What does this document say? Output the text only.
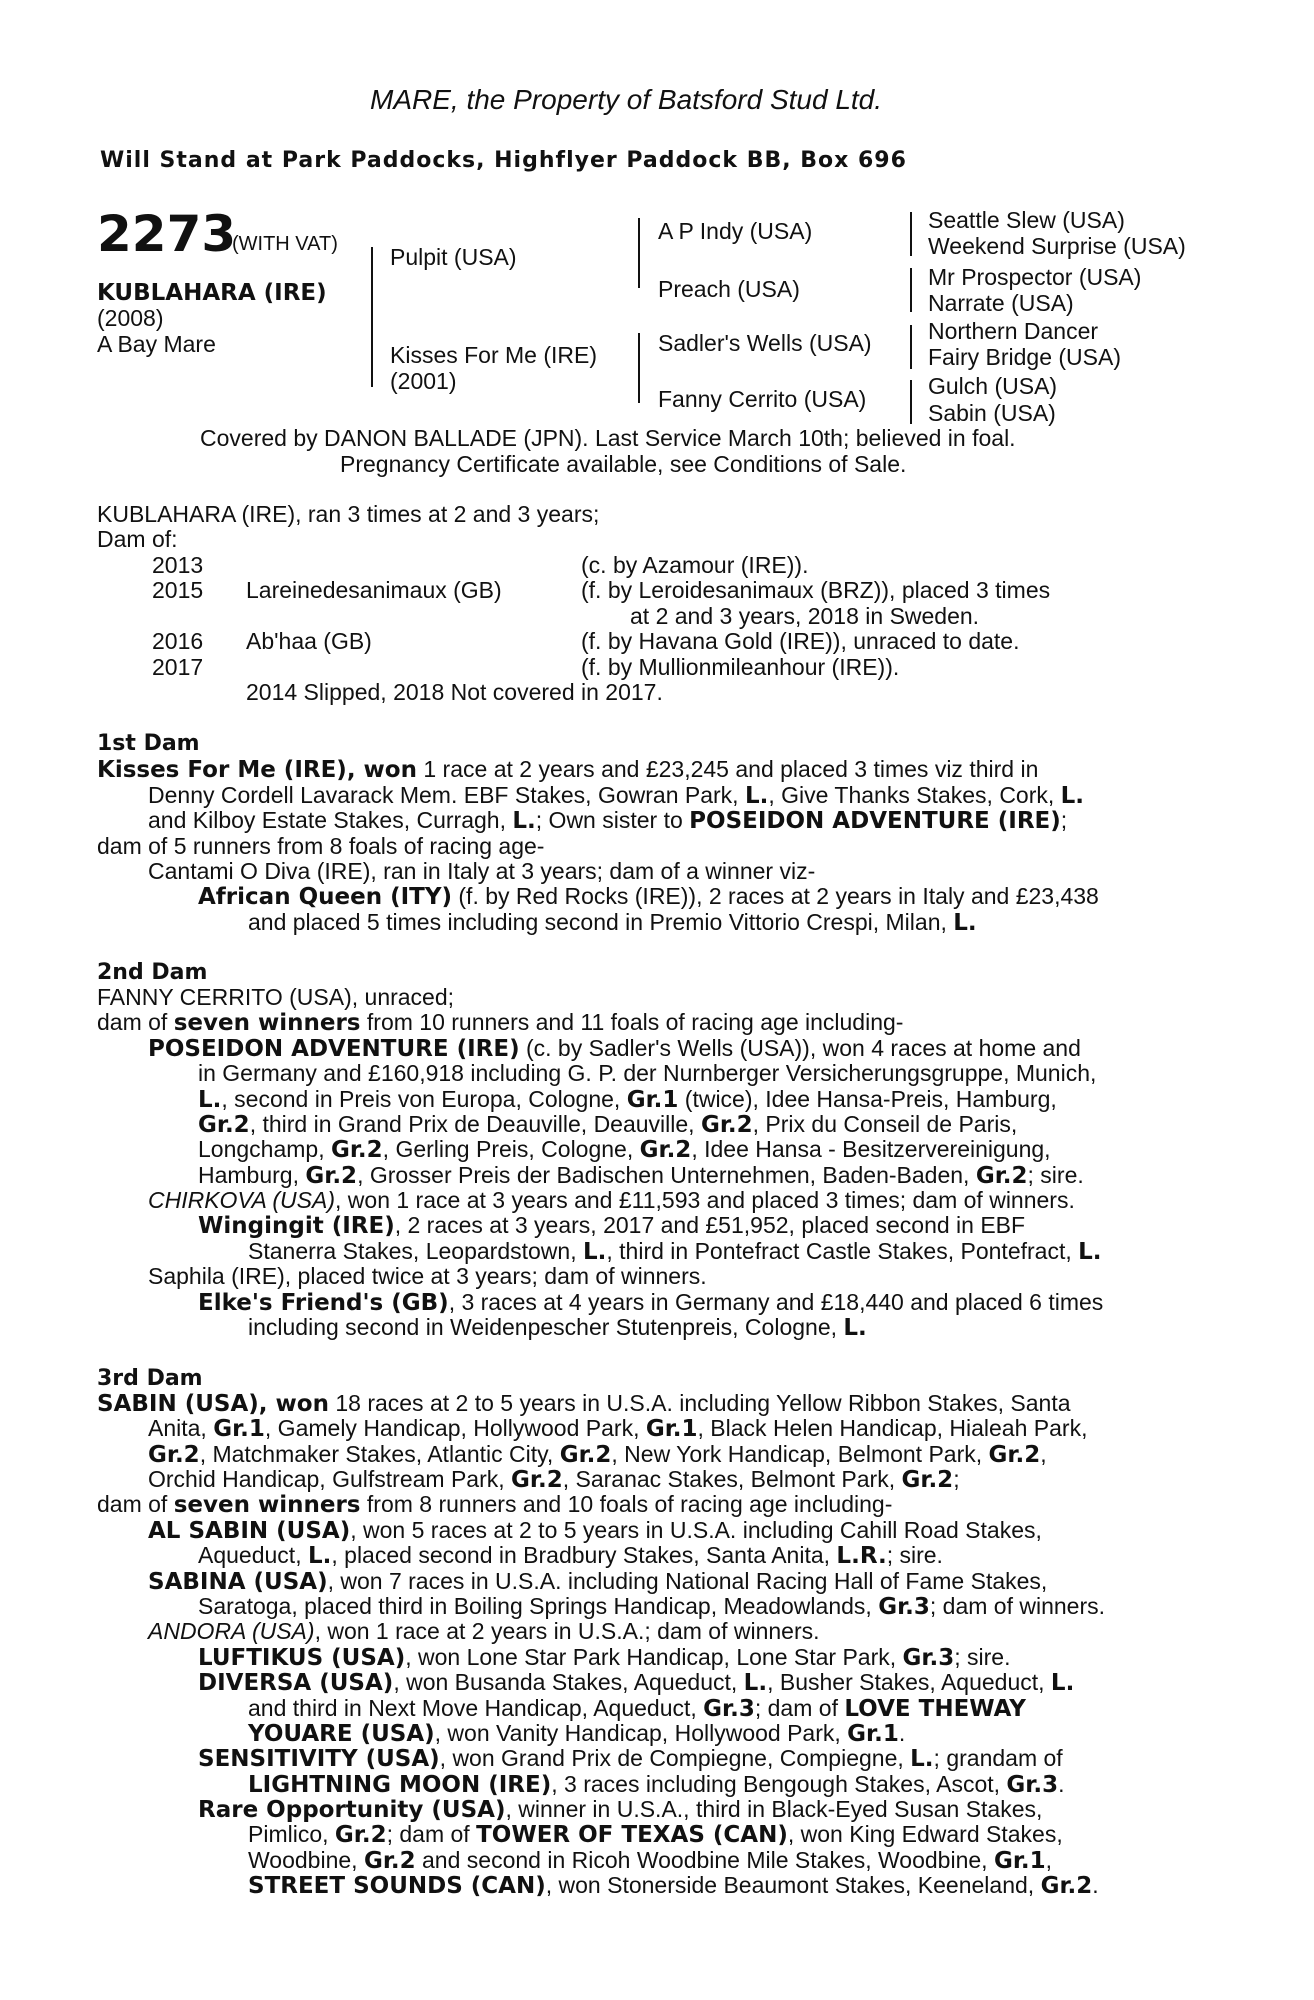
MARE, the Property of Batsford Stud Ltd.
Will Stand at Park Paddocks, Highflyer Paddock BB, Box 696
2273
(WITH VAT)
KUBLAHARA (IRE)
(2008)
A Bay Mare
Pulpit (USA)
Kisses For Me (IRE)
(2001)
A P Indy (USA)
Preach (USA)
Sadler's Wells (USA)
Fanny Cerrito (USA)
Seattle Slew (USA)
Weekend Surprise (USA)
Mr Prospector (USA)
Narrate (USA)
Northern Dancer
Fairy Bridge (USA)
Gulch (USA)
Sabin (USA)
Covered by DANON BALLADE (JPN). Last Service March 10th; believed in foal.
Pregnancy Certificate available, see Conditions of Sale.
KUBLAHARA (IRE), ran 3 times at 2 and 3 years;
Dam of:
2013	(c. by Azamour (IRE)).
2015 Lareinedesanimaux (GB)	(f. by Leroidesanimaux (BRZ)), placed 3 times
at 2 and 3 years, 2018 in Sweden.
2016 Ab'haa (GB)	(f. by Havana Gold (IRE)), unraced to date.
2017	(f. by Mullionmileanhour (IRE)).
2014 Slipped, 2018 Not covered in 2017.
1st Dam
Kisses For Me (IRE), won 1 race at 2 years and £23,245 and placed 3 times viz third in
Denny Cordell Lavarack Mem. EBF Stakes, Gowran Park, L., Give Thanks Stakes, Cork, L.
and Kilboy Estate Stakes, Curragh, L.; Own sister to POSEIDON ADVENTURE (IRE);
dam of 5 runners from 8 foals of racing age-
Cantami O Diva (IRE), ran in Italy at 3 years; dam of a winner viz-
African Queen (ITY) (f. by Red Rocks (IRE)), 2 races at 2 years in Italy and £23,438
and placed 5 times including second in Premio Vittorio Crespi, Milan, L.
2nd Dam
FANNY CERRITO (USA), unraced;
dam of seven winners from 10 runners and 11 foals of racing age including-
POSEIDON ADVENTURE (IRE) (c. by Sadler's Wells (USA)), won 4 races at home and
in Germany and £160,918 including G. P. der Nurnberger Versicherungsgruppe, Munich,
L., second in Preis von Europa, Cologne, Gr.1 (twice), Idee Hansa-Preis, Hamburg,
Gr.2, third in Grand Prix de Deauville, Deauville, Gr.2, Prix du Conseil de Paris,
Longchamp, Gr.2, Gerling Preis, Cologne, Gr.2, Idee Hansa - Besitzervereinigung,
Hamburg, Gr.2, Grosser Preis der Badischen Unternehmen, Baden-Baden, Gr.2; sire.
CHIRKOVA (USA), won 1 race at 3 years and £11,593 and placed 3 times; dam of winners.
Wingingit (IRE), 2 races at 3 years, 2017 and £51,952, placed second in EBF
Stanerra Stakes, Leopardstown, L., third in Pontefract Castle Stakes, Pontefract, L.
Saphila (IRE), placed twice at 3 years; dam of winners.
Elke's Friend's (GB), 3 races at 4 years in Germany and £18,440 and placed 6 times
including second in Weidenpescher Stutenpreis, Cologne, L.
3rd Dam
SABIN (USA), won 18 races at 2 to 5 years in U.S.A. including Yellow Ribbon Stakes, Santa
Anita, Gr.1, Gamely Handicap, Hollywood Park, Gr.1, Black Helen Handicap, Hialeah Park,
Gr.2, Matchmaker Stakes, Atlantic City, Gr.2, New York Handicap, Belmont Park, Gr.2,
Orchid Handicap, Gulfstream Park, Gr.2, Saranac Stakes, Belmont Park, Gr.2;
dam of seven winners from 8 runners and 10 foals of racing age including-
AL SABIN (USA), won 5 races at 2 to 5 years in U.S.A. including Cahill Road Stakes,
Aqueduct, L., placed second in Bradbury Stakes, Santa Anita, L.R.; sire.
SABINA (USA), won 7 races in U.S.A. including National Racing Hall of Fame Stakes,
Saratoga, placed third in Boiling Springs Handicap, Meadowlands, Gr.3; dam of winners.
ANDORA (USA), won 1 race at 2 years in U.S.A.; dam of winners.
LUFTIKUS (USA), won Lone Star Park Handicap, Lone Star Park, Gr.3; sire.
DIVERSA (USA), won Busanda Stakes, Aqueduct, L., Busher Stakes, Aqueduct, L.
and third in Next Move Handicap, Aqueduct, Gr.3; dam of LOVE THEWAY
YOUARE (USA), won Vanity Handicap, Hollywood Park, Gr.1.
SENSITIVITY (USA), won Grand Prix de Compiegne, Compiegne, L.; grandam of
LIGHTNING MOON (IRE), 3 races including Bengough Stakes, Ascot, Gr.3.
Rare Opportunity (USA), winner in U.S.A., third in Black-Eyed Susan Stakes,
Pimlico, Gr.2; dam of TOWER OF TEXAS (CAN), won King Edward Stakes,
Woodbine, Gr.2 and second in Ricoh Woodbine Mile Stakes, Woodbine, Gr.1,
STREET SOUNDS (CAN), won Stonerside Beaumont Stakes, Keeneland, Gr.2.
